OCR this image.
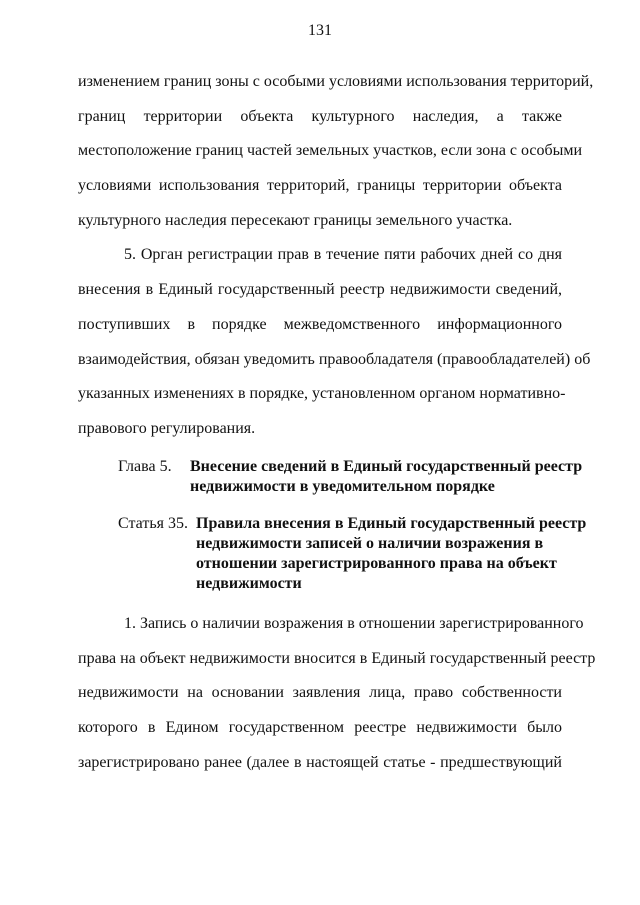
131
изменением границ зоны с особыми условиями использования территорий,
границ территории объекта культурного наследия, а также
местоположение границ частей земельных участков, если зона с особыми
условиями использования территорий, границы территории объекта
культурного наследия пересекают границы земельного участка.
5. Орган регистрации прав в течение пяти рабочих дней со дня
внесения в Единый государственный реестр недвижимости сведений,
поступивших в порядке межведомственного информационного
взаимодействия, обязан уведомить правообладателя (правообладателей) об
указанных изменениях в порядке, установленном органом нормативно-
правового регулирования.
Глава 5. Внесение сведений в Единый государственный реестр
недвижимости в уведомительном порядке
Статья 35. Правила внесения в Единый государственный реестр
недвижимости записей о наличии возражения в
отношении зарегистрированного права на объект
недвижимости
1. Запись о наличии возражения в отношении зарегистрированного
права на объект недвижимости вносится в Единый государственный реестр
недвижимости на основании заявления лица, право собственности
которого в Едином государственном реестре недвижимости было
зарегистрировано ранее (далее в настоящей статье - предшествующий
